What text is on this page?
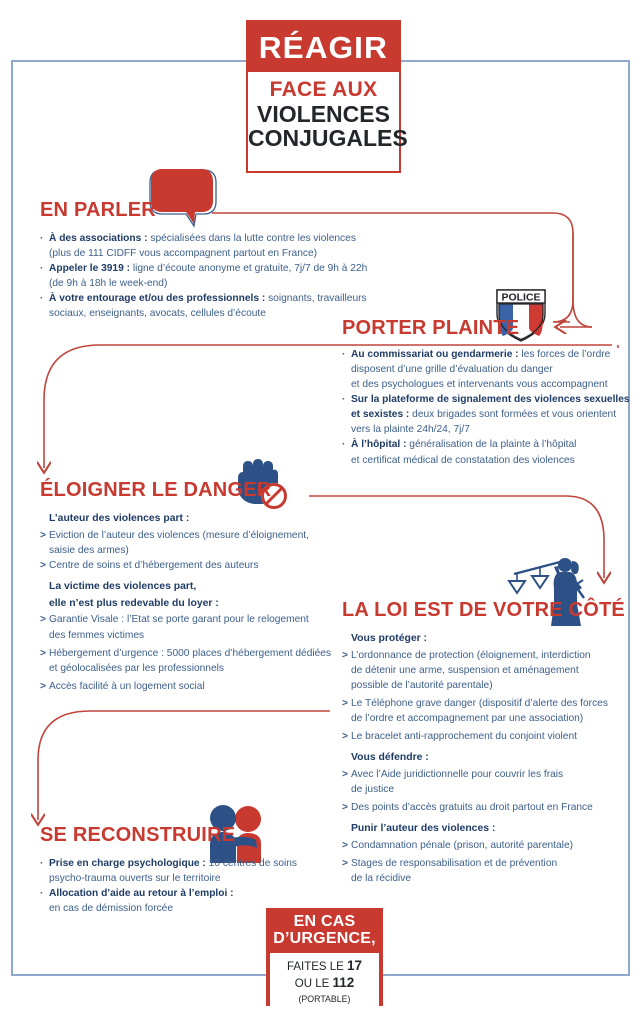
RÉAGIR
FACE AUX
VIOLENCES
CONJUGALES
EN PARLER
· À des associations : spécialisées dans la lutte contre les violences
(plus de 111 CIDFF vous accompagnent partout en France)
· Appeler le 3919 : ligne d’écoute anonyme et gratuite, 7j/7 de 9h à 22h
(de 9h à 18h le week-end)
· À votre entourage et/ou des professionnels : soignants, travailleurs
sociaux, enseignants, avocats, cellules d’écoute
POLICE
PORTER PLAINTE
· Au commissariat ou gendarmerie : les forces de l’ordre
disposent d’une grille d’évaluation du danger
et des psychologues et intervenants vous accompagnent
· Sur la plateforme de signalement des violences sexuelles
et sexistes : deux brigades sont formées et vous orientent
vers la plainte 24h/24, 7j/7
· À l’hôpital : généralisation de la plainte à l’hôpital
et certificat médical de constatation des violences
ÉLOIGNER LE DANGER
L’auteur des violences part :
> Eviction de l’auteur des violences (mesure d’éloignement,
saisie des armes)
> Centre de soins et d’hébergement des auteurs
La victime des violences part,
elle n’est plus redevable du loyer :
> Garantie Visale : l’Etat se porte garant pour le relogement
des femmes victimes
> Hébergement d’urgence : 5000 places d’hébergement dédiées
et géolocalisées par les professionnels
> Accès facilité à un logement social
LA LOI EST DE VOTRE CÔTÉ
Vous protéger :
> L’ordonnance de protection (éloignement, interdiction
de détenir une arme, suspension et aménagement
possible de l’autorité parentale)
> Le Téléphone grave danger (dispositif d’alerte des forces
de l’ordre et accompagnement par une association)
> Le bracelet anti-rapprochement du conjoint violent
Vous défendre :
> Avec l’Aide juridictionnelle pour couvrir les frais
de justice
> Des points d’accès gratuits au droit partout en France
Punir l’auteur des violences :
> Condamnation pénale (prison, autorité parentale)
> Stages de responsabilisation et de prévention
de la récidive
SE RECONSTRUIRE
· Prise en charge psychologique : 10 centres de soins
psycho-trauma ouverts sur le territoire
· Allocation d’aide au retour à l’emploi :
en cas de démission forcée
EN CAS
D’URGENCE,
FAITES LE 17
OU LE 112 (PORTABLE)
